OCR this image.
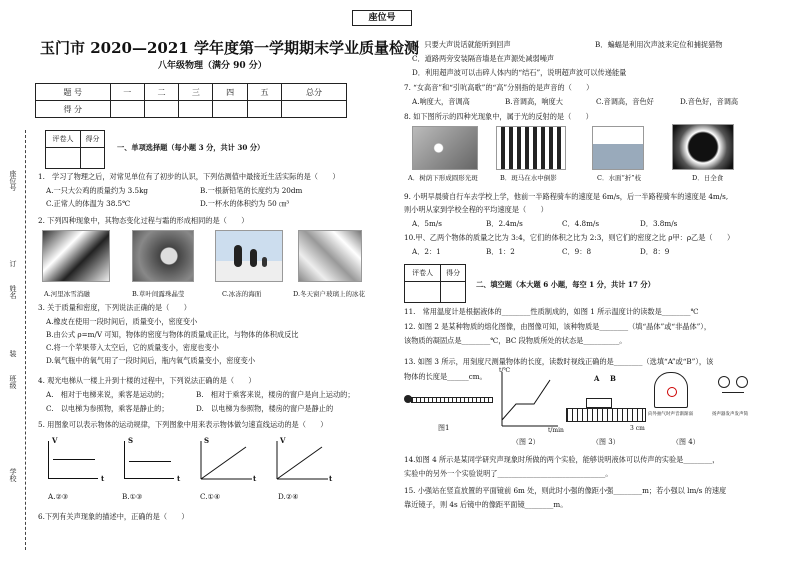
座位号
座位号
订
姓名
装
班级
学校
玉门市 2020—2021 学年度第一学期期末学业质量检测
八年级物理（满分 90 分）
题 号	一	二	三	四	五	总分
得 分						
评卷人	得分

一、单项选择题（每小题 3 分，共计 30 分）
1.　学习了物理之后，对常见单位有了初步的认识，下列估测值中最接近生活实际的是（　　）
A.一只大公鸡的质量约为 3.5kg	B.一根新铅笔的长度约为 20dm
C.正常人的体温为 38.5℃	D.一杯水的体积约为 50 ㎝³
2. 下列四种现象中，其物态变化过程与霜的形成相同的是（　　）
A.河里冰雪消融	B.草叶间露珠晶莹	C.冰冻的海面	D.冬天窗户玻璃上的冰花
3. 关于质量和密度，下列说法正确的是（　　）
A.橡皮在使用一段时间后，质量变小，密度变小
B.由公式 ρ=m/V 可知，物体的密度与物体的质量成正比，与物体的体积成反比
C.将一个苹果带入太空后，它的质量变小，密度也变小
D.氧气瓶中的氧气用了一段时间后，瓶内氧气质量变小，密度变小
4. 观光电梯从一楼上升到十楼的过程中，下列说法正确的是（　　）
A.　相对于电梯来说，乘客是运动的；	B.　相对于乘客来说，楼房的窗户是向上运动的；
C.　以电梯为参照物，乘客是静止的；	D.　以电梯为参照物，楼房的窗户是静止的
5. 用图象可以表示物体的运动规律，下列图象中用来表示物体做匀速直线运动的是（　　）
V
t
S
t
S
t
V
t
A.②③	B.①③	C.①④	D.②④
6.下列有关声现象的描述中，正确的是（　　）
A．只要大声说话就能听到回声	B．蝙蝠是利用次声波来定位和捕捉猎物
C．道路两旁安装隔音墙是在声源处减弱噪声
D．利用超声波可以击碎人体内的“结石”，说明超声波可以传递能量
7. “女高音”和“引吭高歌”的“高”分别指的是声音的（　　）
A.响度大，音调高	B.音调高，响度大	C.音调高，音色好	D.音色好，音调高
8. 如下图所示的四种光现象中，属于光的反射的是（　　）
A．树荫下形成圆形光斑	B．斑马在水中倒影	C．水面“折”枝	D．日全食
9. 小明早晨骑自行车去学校上学，他前一半路程骑车的速度是 6m/s，后一半路程骑车的速度是 4m/s,
则小明从家到学校全程的平均速度是（　　）
A．5m/s	B．2.4m/s	C．4.8m/s	D．3.8m/s
10.甲、乙两个物体的质量之比为 3:4，它们的体积之比为 2:3，则它们的密度之比 ρ甲：ρ乙是（　　）
A．2：1	B．1：2	C．9：8	D．8：9
评卷人	得分

二、填空题（本大题 6 小题，每空 1 分，共计 17 分）
11.　常用温度计是根据液体的________性质制成的，如图 1 所示温度计的读数是________℃
12. 如图 2 是某种物质的熔化图像，由图像可知，该种物质是________（填“晶体”或“非晶体”），
该物质的凝固点是________℃，BC 段物质所处的状态是__________。
13. 如图 3 所示，用刻度尺测量物体的长度，读数时视线正确的是________（选填“A”或“B”），该
物体的长度是______cm。
图1
t/℃
t/min
（图 2）
A B
3 cm
（图 3）
向外抽气时声音渐渐弱	扬声器发声发声筒
（图 4）
14.如图 4 所示是某同学研究声现象时所做的两个实验，能够说明液体可以传声的实验是________，
实验中的另外一个实验说明了______________________________。
15. 小强站在竖直放置的平面镜前 6m 处，则此时小强的像距小强________m；若小强以 lm/s 的速度
靠近镜子，则 4s 后镜中的像距平面镜________m。
